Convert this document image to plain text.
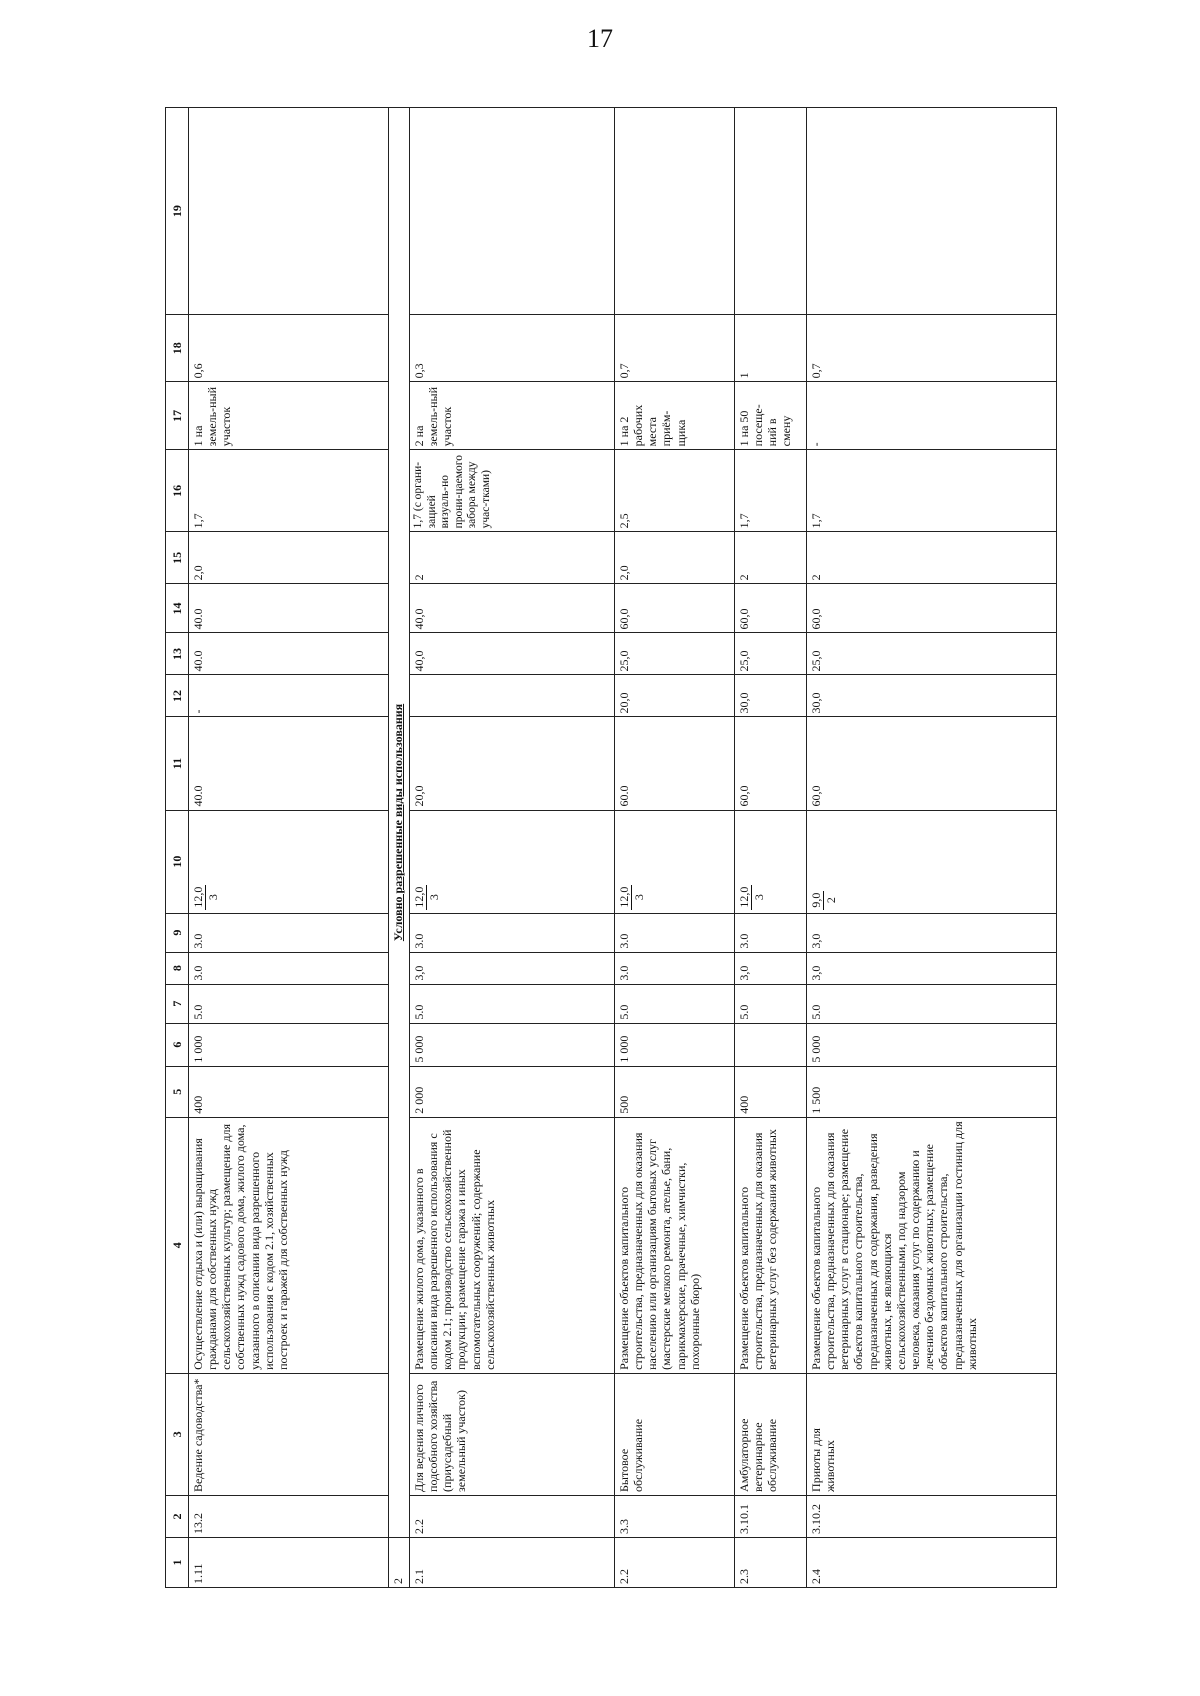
17
1	2	3	4	5	6	7	8	9	10	11	12	13	14	15	16	17	18	19
1.11	13.2	Ведение садоводства*	Осуществление отдыха и (или) выращивания гражданами для собственных нужд сельскохозяйственных культур; размещение для собственных нужд садового дома, жилого дома, указанного в описании вида разрешенного использования с кодом 2.1, хозяйственных построек и гаражей для собственных нужд	400	1 000	5.0	3.0	3.0	12,0 3	40.0	-	40.0	40.0	2,0	1,7	1 на земель-ный участок	0,6	
2	Условно разрешенные виды использования																	
2.1	2.2	Для ведения личного подсобного хозяйства (приусадебный земельный участок)	Размещение жилого дома, указанного в описании вида разрешенного использования с кодом 2.1; производство сельскохозяйственной продукции; размещение гаража и иных вспомогательных сооружений; содержание сельскохозяйственных животных	2 000	5 000	5.0	3,0	3.0	12,0 3	20,0		40,0	40,0	2	1,7 (с органи-зацией визуаль-но прони-цаемого забора между учас-тками)	2 на земель-ный участок	0,3	
2.2	3.3	Бытовое обслуживание	Размещение объектов капитального строительства, предназначенных для оказания населению или организациям бытовых услуг (мастерские мелкого ремонта, ателье, бани, парикмахерские, прачечные, химчистки, похоронные бюро)	500	1 000	5.0	3.0	3.0	12,0 3	60.0	20,0	25,0	60,0	2,0	2,5	1 на 2 рабочих места приём-щика	0,7	
2.3	3.10.1	Амбулаторное ветеринарное обслуживание	Размещение объектов капитального строительства, предназначенных для оказания ветеринарных услуг без содержания животных	400		5.0	3,0	3.0	12,0 3	60,0	30,0	25,0	60,0	2	1,7	1 на 50 посеще-ний в смену	1	
2.4	3.10.2	Приюты для животных	Размещение объектов капитального строительства, предназначенных для оказания ветеринарных услуг в стационаре; размещение объектов капитального строительства, предназначенных для содержания, разведения животных, не являющихся сельскохозяйственными, под надзором человека, оказания услуг по содержанию и лечению бездомных животных; размещение объектов капитального строительства, предназначенных для организации гостиниц для животных	1 500	5 000	5.0	3,0	3,0	9,0 2	60,0	30,0	25,0	60,0	2	1,7	-	0,7	
